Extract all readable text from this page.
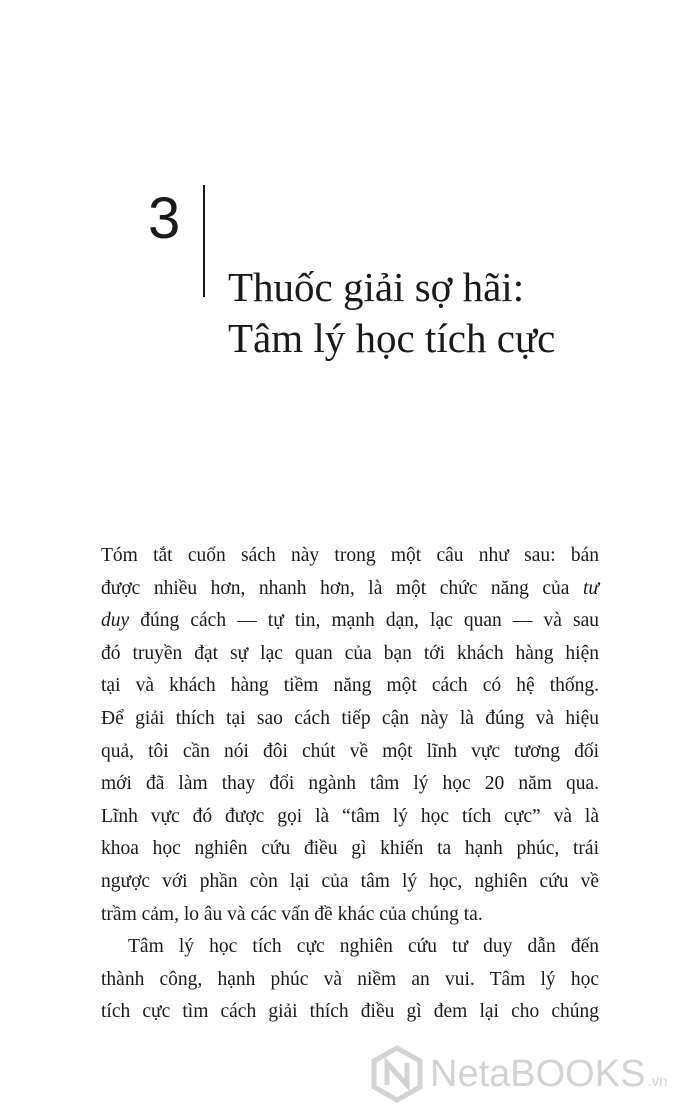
3
Thuốc giải sợ hãi:
Tâm lý học tích cực
Tóm tắt cuốn sách này trong một câu như sau: bán
được nhiều hơn, nhanh hơn, là một chức năng của tư
duy đúng cách — tự tin, mạnh dạn, lạc quan — và sau
đó truyền đạt sự lạc quan của bạn tới khách hàng hiện
tại và khách hàng tiềm năng một cách có hệ thống.
Để giải thích tại sao cách tiếp cận này là đúng và hiệu
quả, tôi cần nói đôi chút về một lĩnh vực tương đối
mới đã làm thay đổi ngành tâm lý học 20 năm qua.
Lĩnh vực đó được gọi là “tâm lý học tích cực” và là
khoa học nghiên cứu điều gì khiến ta hạnh phúc, trái
ngược với phần còn lại của tâm lý học, nghiên cứu về
trầm cảm, lo âu và các vấn đề khác của chúng ta.
Tâm lý học tích cực nghiên cứu tư duy dẫn đến
thành công, hạnh phúc và niềm an vui. Tâm lý học
tích cực tìm cách giải thích điều gì đem lại cho chúng
NetaBOOKS .vn
